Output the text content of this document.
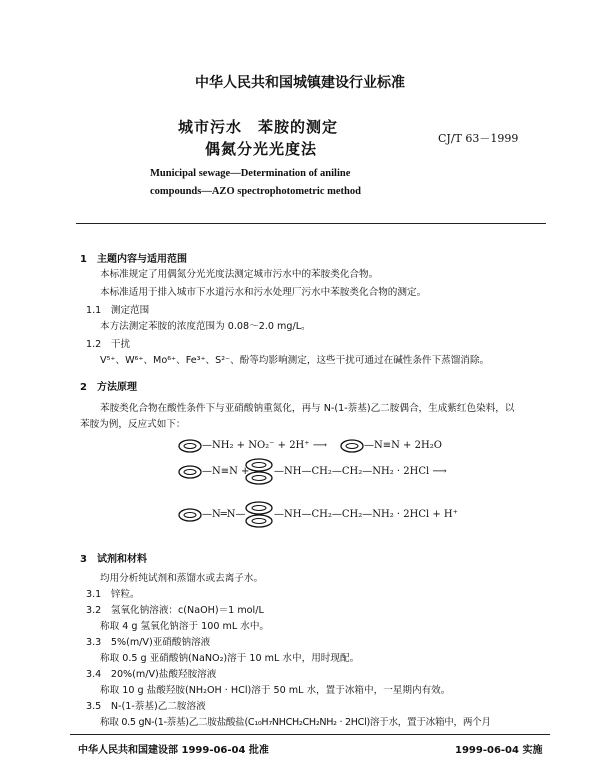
中华人民共和国城镇建设行业标准
城市污水　苯胺的测定
偶氮分光光度法
CJ/T 63－1999
Municipal sewage—Determination of aniline
compounds—AZO spectrophotometric method
1　主题内容与适用范围
本标准规定了用偶氮分光光度法测定城市污水中的苯胺类化合物。
本标准适用于排入城市下水道污水和污水处理厂污水中苯胺类化合物的测定。
1.1　测定范围
本方法测定苯胺的浓度范围为 0.08～2.0 mg/L。
1.2　干扰
V⁵⁺、W⁶⁺、Mo⁶⁺、Fe³⁺、S²⁻、酚等均影响测定，这些干扰可通过在碱性条件下蒸馏消除。
2　方法原理
苯胺类化合物在酸性条件下与亚硝酸钠重氮化，再与 N-(1-萘基)乙二胺偶合，生成紫红色染料，以
苯胺为例，反应式如下：
—NH₂ + NO₂⁻ + 2H⁺ ⟶	—N≡N + 2H₂O
—N≡N + —NH—CH₂—CH₂—NH₂ · 2HCl ⟶
—N═N—	—NH—CH₂—CH₂—NH₂ · 2HCl + H⁺
3　试剂和材料
均用分析纯试剂和蒸馏水或去离子水。
3.1　锌粒。
3.2　氢氧化钠溶液：c(NaOH)＝1 mol/L
称取 4 g 氢氧化钠溶于 100 mL 水中。
3.3　5%(m/V)亚硝酸钠溶液
称取 0.5 g 亚硝酸钠(NaNO₂)溶于 10 mL 水中，用时现配。
3.4　20%(m/V)盐酸羟胺溶液
称取 10 g 盐酸羟胺(NH₂OH · HCl)溶于 50 mL 水，置于冰箱中，一星期内有效。
3.5　N-(1-萘基)乙二胺溶液
称取 0.5 gN-(1-萘基)乙二胺盐酸盐(C₁₀H₇NHCH₂CH₂NH₂ · 2HCl)溶于水，置于冰箱中，两个月
中华人民共和国建设部 1999-06-04 批准	1999-06-04 实施
